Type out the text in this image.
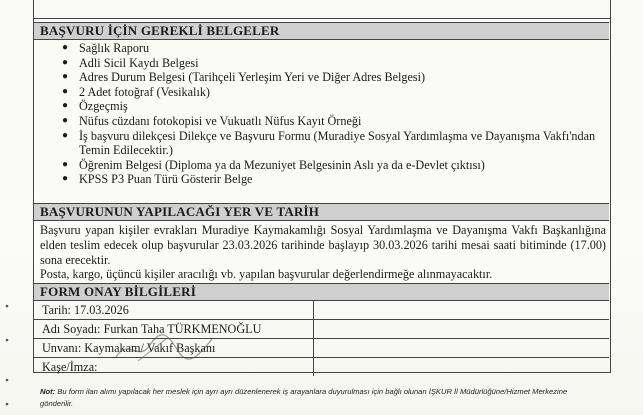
BAŞVURU İÇİN GEREKLİ BELGELER
● Sağlık Raporu
● Adli Sicil Kaydı Belgesi
● Adres Durum Belgesi (Tarihçeli Yerleşim Yeri ve Diğer Adres Belgesi)
● 2 Adet fotoğraf (Vesikalık)
● Özgeçmiş
● Nüfus cüzdanı fotokopisi ve Vukuatlı Nüfus Kayıt Örneği
● İş başvuru dilekçesi Dilekçe ve Başvuru Formu (Muradiye Sosyal Yardımlaşma ve Dayanışma Vakfı'ndan Temin Edilecektir.)
● Öğrenim Belgesi (Diploma ya da Mezuniyet Belgesinin Aslı ya da e-Devlet çıktısı)
● KPSS P3 Puan Türü Gösterir Belge
BAŞVURUNUN YAPILACAĞI YER VE TARİH

Başvuru yapan kişiler evrakları Muradiye Kaymakamlığı Sosyal Yardımlaşma ve Dayanışma Vakfı Başkanlığına elden teslim edecek olup başvurular 23.03.2026 tarihinde başlayıp 30.03.2026 tarihi mesai saati bitiminde (17.00) sona erecektir.

Posta, kargo, üçüncü kişiler aracılığı vb. yapılan başvurular değerlendirmeğe alınmayacaktır.

FORM ONAY BİLGİLERİ
Tarih: 17.03.2026
Adı Soyadı: Furkan Taha TÜRKMENOĞLU
Unvanı: Kaymakam/ Vakıf Başkanı
Kaşe/İmza:
Not: Bu form ilan alımı yapılacak her meslek için ayrı ayrı düzenlenerek iş arayanlara duyurulması için bağlı olunan İŞKUR İl Müdürlüğüne/Hizmet Merkezine gönderilir.
